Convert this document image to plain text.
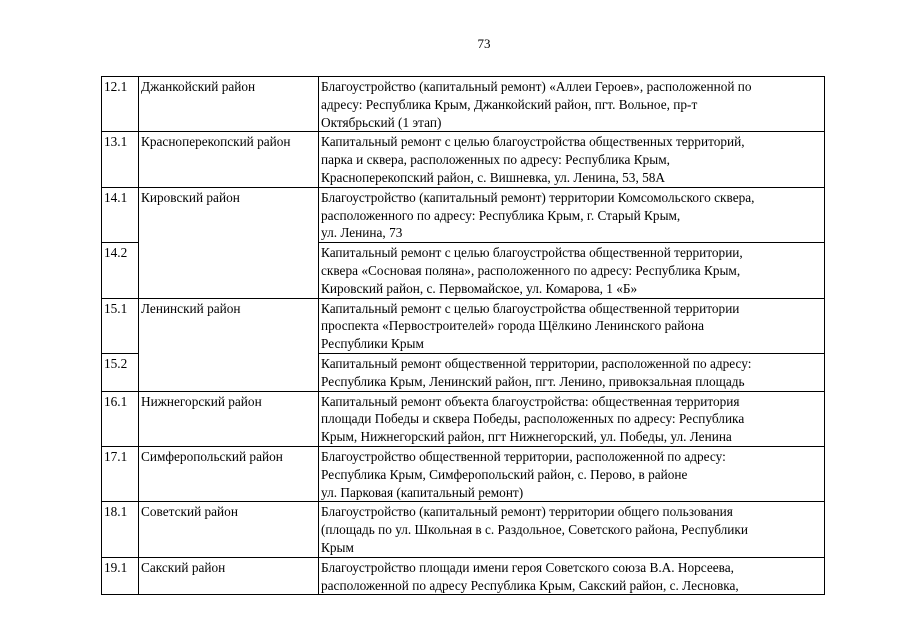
73
12.1	Джанкойский район	Благоустройство (капитальный ремонт) «Аллеи Героев», расположенной по
адресу: Республика Крым, Джанкойский район, пгт. Вольное, пр-т
Октябрьский (1 этап)
13.1	Красноперекопский район	Капитальный ремонт с целью благоустройства общественных территорий,
парка и сквера, расположенных по адресу: Республика Крым,
Красноперекопский район, с. Вишневка, ул. Ленина, 53, 58А
14.1	Кировский район	Благоустройство (капитальный ремонт) территории Комсомольского сквера,
расположенного по адресу: Республика Крым, г. Старый Крым,
ул. Ленина, 73
14.2		Капитальный ремонт с целью благоустройства общественной территории,
сквера «Сосновая поляна», расположенного по адресу: Республика Крым,
Кировский район, с. Первомайское, ул. Комарова, 1 «Б»
15.1	Ленинский район	Капитальный ремонт с целью благоустройства общественной территории
проспекта «Первостроителей» города Щёлкино Ленинского района
Республики Крым
15.2		Капитальный ремонт общественной территории, расположенной по адресу:
Республика Крым, Ленинский район, пгт. Ленино, привокзальная площадь
16.1	Нижнегорский район	Капитальный ремонт объекта благоустройства: общественная территория
площади Победы и сквера Победы, расположенных по адресу: Республика
Крым, Нижнегорский район, пгт Нижнегорский, ул. Победы, ул. Ленина
17.1	Симферопольский район	Благоустройство общественной территории, расположенной по адресу:
Республика Крым, Симферопольский район, с. Перово, в районе
ул. Парковая (капитальный ремонт)
18.1	Советский район	Благоустройство (капитальный ремонт) территории общего пользования
(площадь по ул. Школьная в с. Раздольное, Советского района, Республики
Крым
19.1	Сакский район	Благоустройство площади имени героя Советского союза В.А. Норсеева,
расположенной по адресу Республика Крым, Сакский район, с. Лесновка,
